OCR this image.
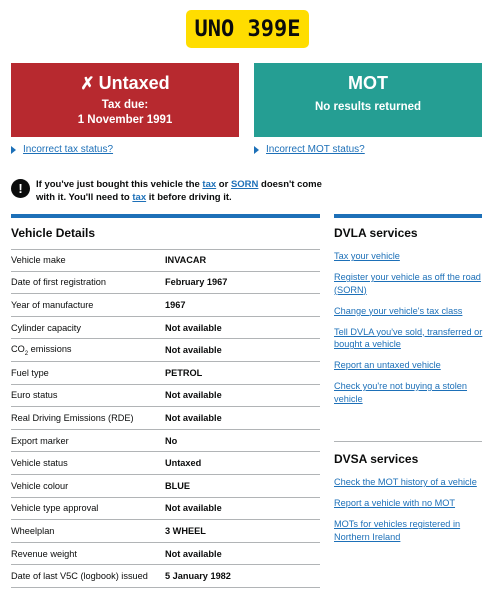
UNO 399E
✗ Untaxed
Tax due:
1 November 1991
MOT
No results returned
Incorrect tax status?	Incorrect MOT status?
!	If you've just bought this vehicle the tax or SORN doesn't come with it. You'll need to tax it before driving it.
Vehicle Details
Vehicle make	INVACAR
Date of first registration	February 1967
Year of manufacture	1967
Cylinder capacity	Not available
$CO_2$ emissions	Not available
Fuel type	PETROL
Euro status	Not available
Real Driving Emissions (RDE)	Not available
Export marker	No
Vehicle status	Untaxed
Vehicle colour	BLUE
Vehicle type approval	Not available
Wheelplan	3 WHEEL
Revenue weight	Not available
Date of last V5C (logbook) issued	5 January 1982
DVLA services
Tax your vehicle
Register your vehicle as off the road (SORN)
Change your vehicle's tax class
Tell DVLA you've sold, transferred or bought a vehicle
Report an untaxed vehicle
Check you're not buying a stolen vehicle
DVSA services
Check the MOT history of a vehicle
Report a vehicle with no MOT
MOTs for vehicles registered in Northern Ireland
